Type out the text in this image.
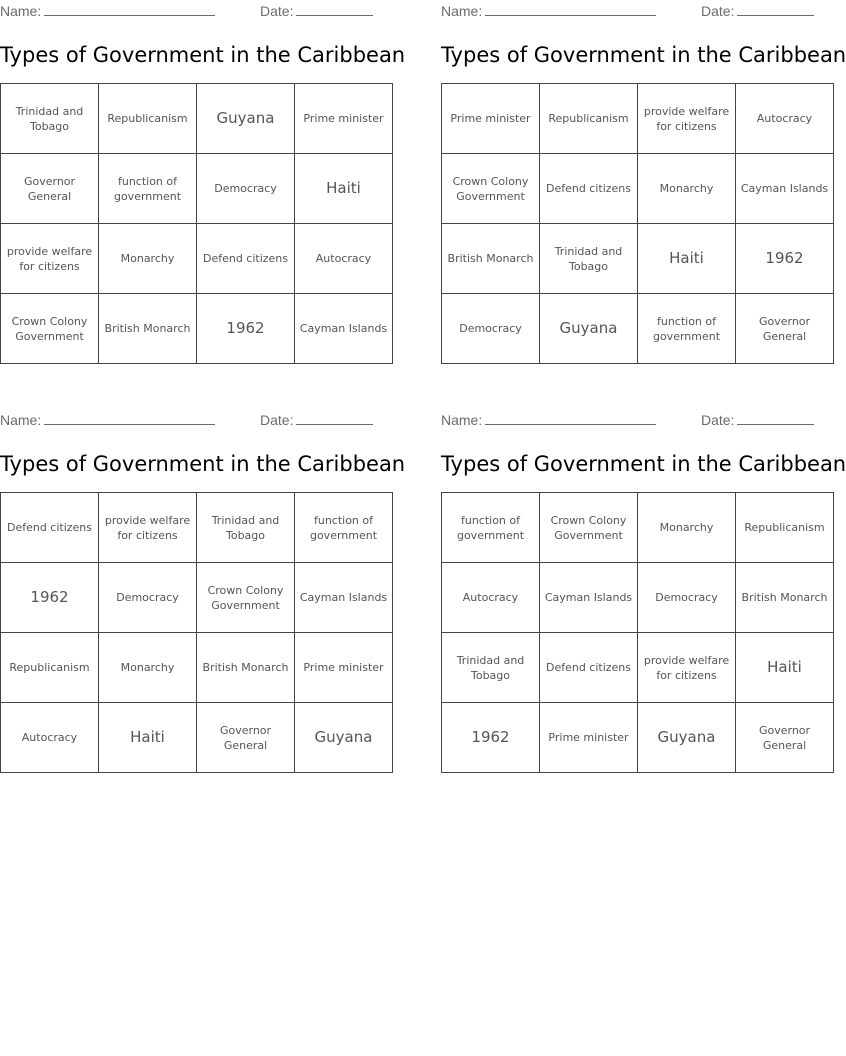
Name:	Date:
Types of Government in the Caribbean
Trinidad and Tobago	Republicanism	Guyana	Prime minister
Governor General	function of government	Democracy	Haiti
provide welfare for citizens	Monarchy	Defend citizens	Autocracy
Crown Colony Government	British Monarch	1962	Cayman Islands
Name:	Date:
Types of Government in the Caribbean
Prime minister	Republicanism	provide welfare for citizens	Autocracy
Crown Colony Government	Defend citizens	Monarchy	Cayman Islands
British Monarch	Trinidad and Tobago	Haiti	1962
Democracy	Guyana	function of government	Governor General
Name:	Date:
Types of Government in the Caribbean
Defend citizens	provide welfare for citizens	Trinidad and Tobago	function of government
1962	Democracy	Crown Colony Government	Cayman Islands
Republicanism	Monarchy	British Monarch	Prime minister
Autocracy	Haiti	Governor General	Guyana
Name:	Date:
Types of Government in the Caribbean
function of government	Crown Colony Government	Monarchy	Republicanism
Autocracy	Cayman Islands	Democracy	British Monarch
Trinidad and Tobago	Defend citizens	provide welfare for citizens	Haiti
1962	Prime minister	Guyana	Governor General
